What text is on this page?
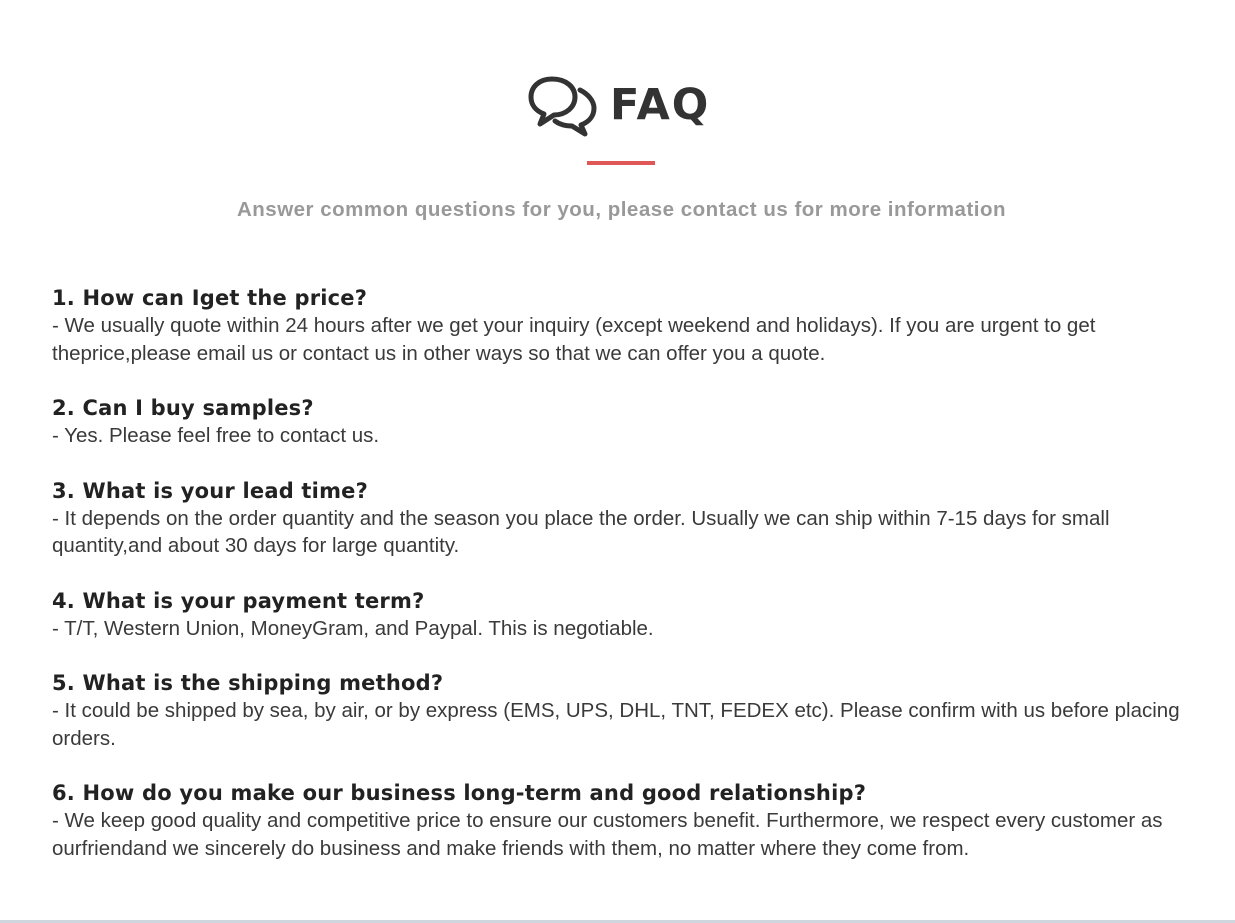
FAQ
Answer common questions for you, please contact us for more information
1. How can Iget the price?
- We usually quote within 24 hours after we get your inquiry (except weekend and holidays). If you are urgent to get theprice,please email us or contact us in other ways so that we can offer you a quote.
2. Can I buy samples?
- Yes. Please feel free to contact us.
3. What is your lead time?
- It depends on the order quantity and the season you place the order. Usually we can ship within 7-15 days for small quantity,and about 30 days for large quantity.
4. What is your payment term?
- T/T, Western Union, MoneyGram, and Paypal. This is negotiable.
5. What is the shipping method?
- It could be shipped by sea, by air, or by express (EMS, UPS, DHL, TNT, FEDEX etc). Please confirm with us before placing orders.
6. How do you make our business long-term and good relationship?
- We keep good quality and competitive price to ensure our customers benefit. Furthermore, we respect every customer as ourfriendand we sincerely do business and make friends with them, no matter where they come from.
